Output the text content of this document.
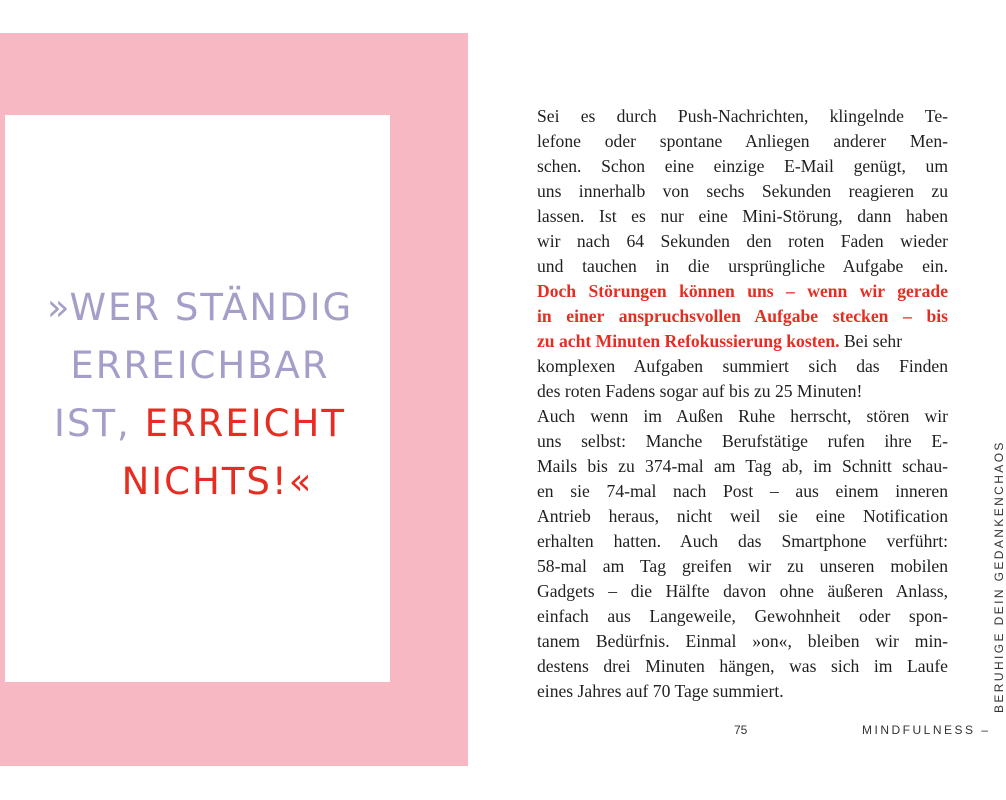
»WER STÄNDIG
ERREICHBAR
IST, ERREICHT
NICHTS!«
Sei es durch Push-Nachrichten, klingelnde Te-
lefone oder spontane Anliegen anderer Men-
schen. Schon eine einzige E-Mail genügt, um
uns innerhalb von sechs Sekunden reagieren zu
lassen. Ist es nur eine Mini-Störung, dann haben
wir nach 64 Sekunden den roten Faden wieder
und tauchen in die ursprüngliche Aufgabe ein.
Doch Störungen können uns – wenn wir gerade
in einer anspruchsvollen Aufgabe stecken – bis
zu acht Minuten Refokussierung kosten. Bei sehr
komplexen Aufgaben summiert sich das Finden
des roten Fadens sogar auf bis zu 25 Minuten!
Auch wenn im Außen Ruhe herrscht, stören wir
uns selbst: Manche Berufstätige rufen ihre E-
Mails bis zu 374-mal am Tag ab, im Schnitt schau-
en sie 74-mal nach Post – aus einem inneren
Antrieb heraus, nicht weil sie eine Notification
erhalten hatten. Auch das Smartphone verführt:
58-mal am Tag greifen wir zu unseren mobilen
Gadgets – die Hälfte davon ohne äußeren Anlass,
einfach aus Langeweile, Gewohnheit oder spon-
tanem Bedürfnis. Einmal »on«, bleiben wir min-
destens drei Minuten hängen, was sich im Laufe
eines Jahres auf 70 Tage summiert.
75	MINDFULNESS –
BERUHIGE DEIN GEDANKENCHAOS
